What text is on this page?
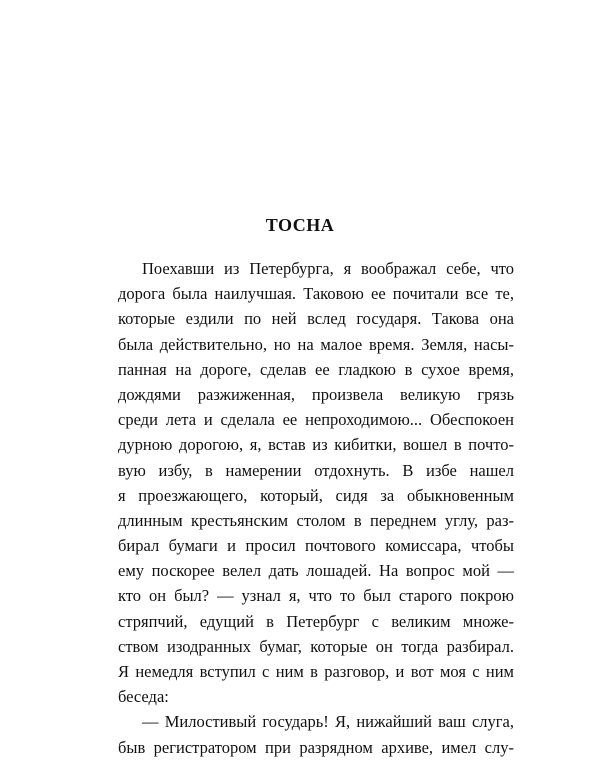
ТОСНА
Поехавши из Петербурга, я воображал себе, что
дорога была наилучшая. Таковою ее почитали все те,
которые ездили по ней вслед государя. Такова она
была действительно, но на малое время. Земля, насы-
панная на дороге, сделав ее гладкою в сухое время,
дождями разжиженная, произвела великую грязь
среди лета и сделала ее непроходимою... Обеспокоен
дурною дорогою, я, встав из кибитки, вошел в почто-
вую избу, в намерении отдохнуть. В избе нашел
я проезжающего, который, сидя за обыкновенным
длинным крестьянским столом в переднем углу, раз-
бирал бумаги и просил почтового комиссара, чтобы
ему поскорее велел дать лошадей. На вопрос мой —
кто он был? — узнал я, что то был старого покрою
стряпчий, едущий в Петербург с великим множе-
ством изодранных бумаг, которые он тогда разбирал.
Я немедля вступил с ним в разговор, и вот моя с ним
беседа:
— Милостивый государь! Я, нижайший ваш слуга,
быв регистратором при разрядном архиве, имел слу-
